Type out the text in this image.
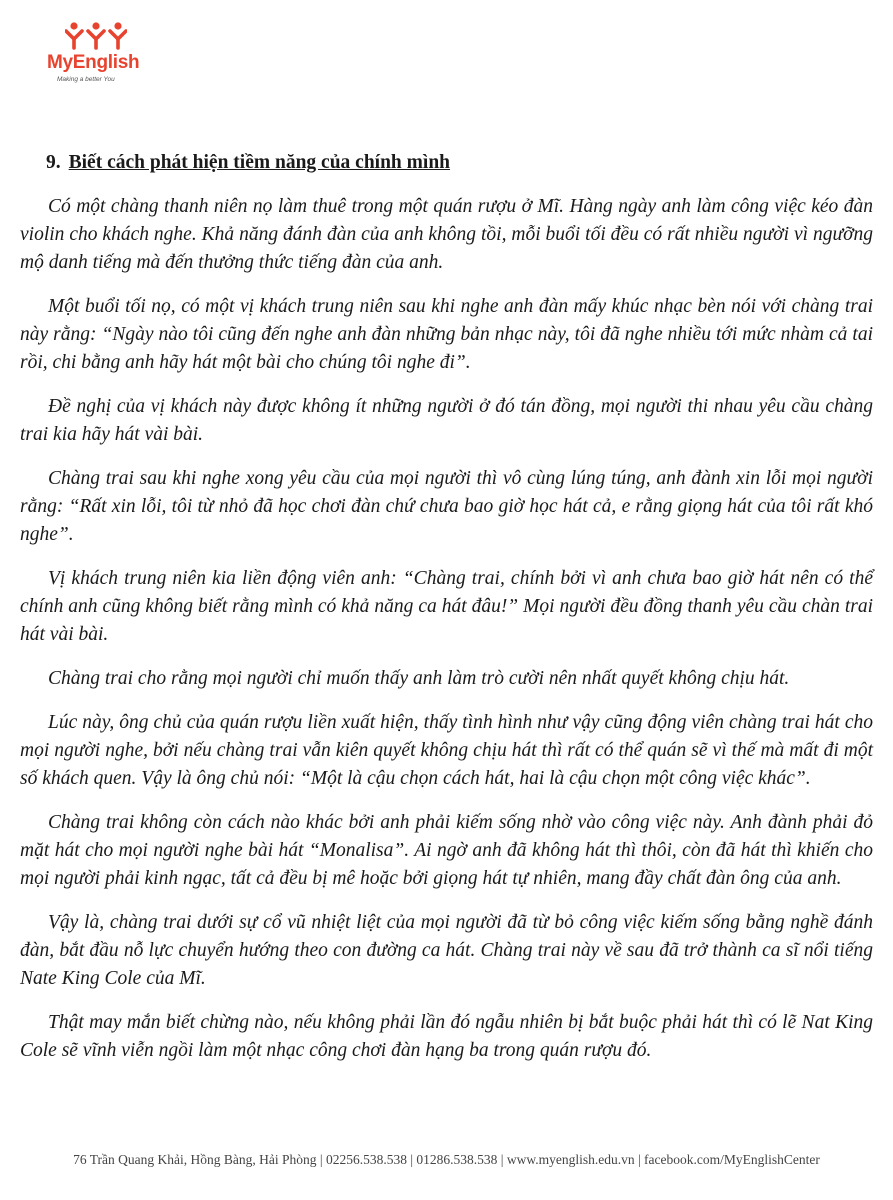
MyEnglish
Making a better You
9. Biết cách phát hiện tiềm năng của chính mình

Có một chàng thanh niên nọ làm thuê trong một quán rượu ở Mĩ. Hàng ngày anh làm công việc kéo đàn violin cho khách nghe. Khả năng đánh đàn của anh không tồi, mỗi buổi tối đều có rất nhiều người vì ngưỡng mộ danh tiếng mà đến thưởng thức tiếng đàn của anh.

Một buổi tối nọ, có một vị khách trung niên sau khi nghe anh đàn mấy khúc nhạc bèn nói với chàng trai này rằng: “Ngày nào tôi cũng đến nghe anh đàn những bản nhạc này, tôi đã nghe nhiều tới mức nhàm cả tai rồi, chi bằng anh hãy hát một bài cho chúng tôi nghe đi”.

Đề nghị của vị khách này được không ít những người ở đó tán đồng, mọi người thi nhau yêu cầu chàng trai kia hãy hát vài bài.

Chàng trai sau khi nghe xong yêu cầu của mọi người thì vô cùng lúng túng, anh đành xin lỗi mọi người rằng: “Rất xin lỗi, tôi từ nhỏ đã học chơi đàn chứ chưa bao giờ học hát cả, e rằng giọng hát của tôi rất khó nghe”.

Vị khách trung niên kia liền động viên anh: “Chàng trai, chính bởi vì anh chưa bao giờ hát nên có thể chính anh cũng không biết rằng mình có khả năng ca hát đâu!” Mọi người đều đồng thanh yêu cầu chàn trai hát vài bài.

Chàng trai cho rằng mọi người chỉ muốn thấy anh làm trò cười nên nhất quyết không chịu hát.

Lúc này, ông chủ của quán rượu liền xuất hiện, thấy tình hình như vậy cũng động viên chàng trai hát cho mọi người nghe, bởi nếu chàng trai vẫn kiên quyết không chịu hát thì rất có thể quán sẽ vì thế mà mất đi một số khách quen. Vậy là ông chủ nói: “Một là cậu chọn cách hát, hai là cậu chọn một công việc khác”.

Chàng trai không còn cách nào khác bởi anh phải kiếm sống nhờ vào công việc này. Anh đành phải đỏ mặt hát cho mọi người nghe bài hát “Monalisa”. Ai ngờ anh đã không hát thì thôi, còn đã hát thì khiến cho mọi người phải kinh ngạc, tất cả đều bị mê hoặc bởi giọng hát tự nhiên, mang đầy chất đàn ông của anh.

Vậy là, chàng trai dưới sự cổ vũ nhiệt liệt của mọi người đã từ bỏ công việc kiếm sống bằng nghề đánh đàn, bắt đầu nỗ lực chuyển hướng theo con đường ca hát. Chàng trai này về sau đã trở thành ca sĩ nổi tiếng Nate King Cole của Mĩ.

Thật may mắn biết chừng nào, nếu không phải lần đó ngẫu nhiên bị bắt buộc phải hát thì có lẽ Nat King Cole sẽ vĩnh viễn ngồi làm một nhạc công chơi đàn hạng ba trong quán rượu đó.

76 Trần Quang Khải, Hồng Bàng, Hải Phòng | 02256.538.538 | 01286.538.538 | www.myenglish.edu.vn | facebook.com/MyEnglishCenter
